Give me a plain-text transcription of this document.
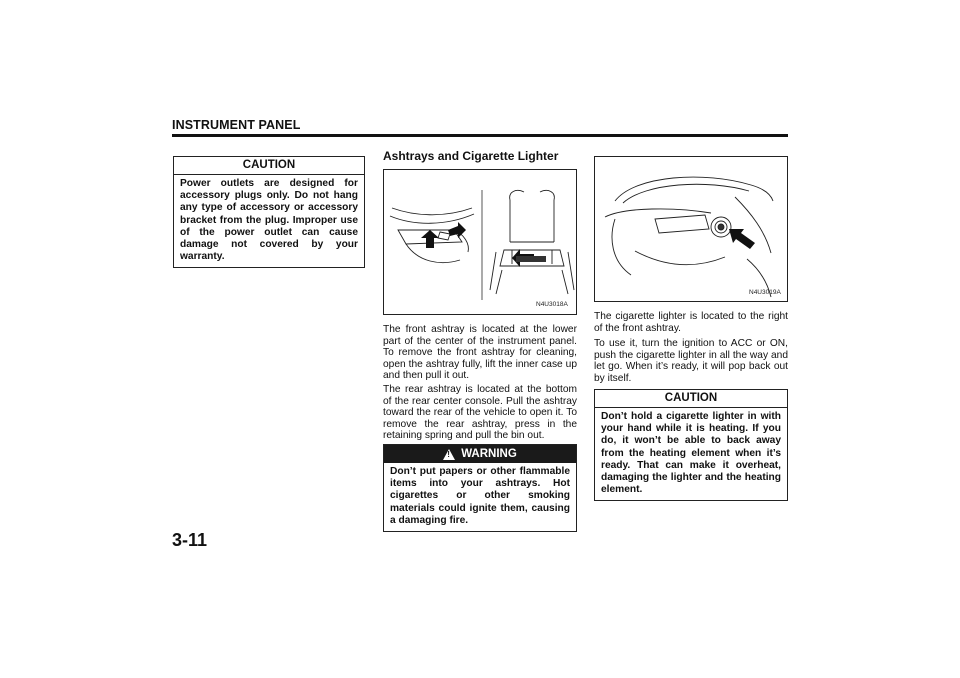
INSTRUMENT PANEL
CAUTION
Power outlets are designed for accessory plugs only. Do not hang any type of accessory or accessory bracket from the plug. Improper use of the power outlet can cause damage not covered by your warranty.
Ashtrays and Cigarette Lighter
N4U3018A

The front ashtray is located at the lower part of the center of the instrument panel. To remove the front ashtray for cleaning, open the ashtray fully, lift the inner case up and then pull it out.

The rear ashtray is located at the bottom of the rear center console. Pull the ashtray toward the rear of the vehicle to open it. To remove the rear ashtray, press in the retaining spring and pull the bin out.

!
WARNING
Don’t put papers or other flammable items into your ashtrays. Hot cigarettes or other smoking materials could ignite them, causing a damaging fire.
N4U3019A

The cigarette lighter is located to the right of the front ashtray.

To use it, turn the ignition to ACC or ON, push the cigarette lighter in all the way and let go. When it’s ready, it will pop back out by itself.

CAUTION
Don’t hold a cigarette lighter in with your hand while it is heating. If you do, it won’t be able to back away from the heating element when it’s ready. That can make it overheat, damaging the lighter and the heating element.
3-11
